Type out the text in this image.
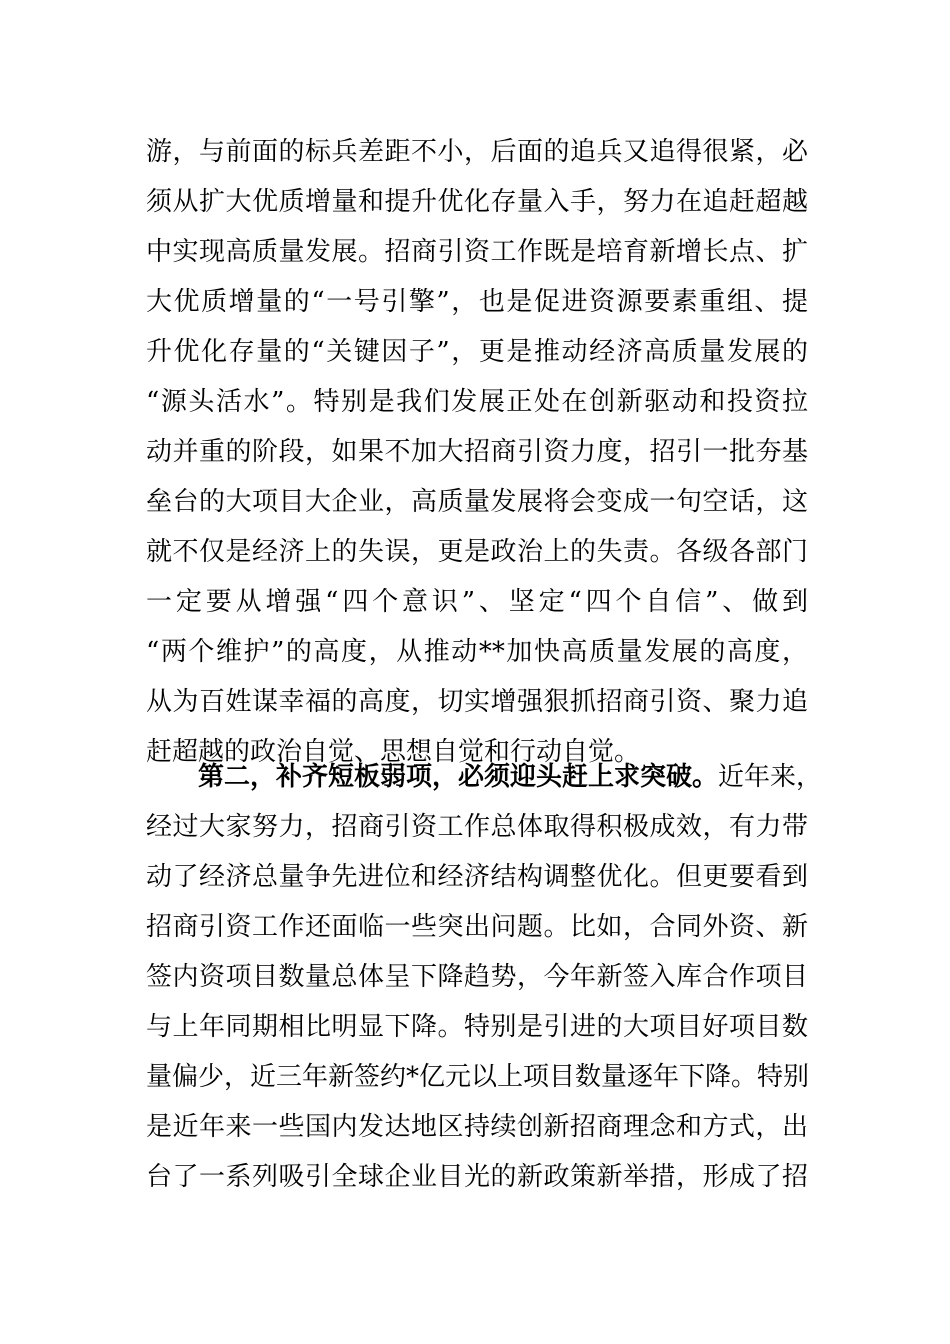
游，与前面的标兵差距不小，后面的追兵又追得很紧，必
须从扩大优质增量和提升优化存量入手，努力在追赶超越
中实现高质量发展。招商引资工作既是培育新增长点、扩
大优质增量的“一号引擎”，也是促进资源要素重组、提
升优化存量的“关键因子”，更是推动经济高质量发展的
“源头活水”。特别是我们发展正处在创新驱动和投资拉
动并重的阶段，如果不加大招商引资力度，招引一批夯基
垒台的大项目大企业，高质量发展将会变成一句空话，这
就不仅是经济上的失误，更是政治上的失责。各级各部门
一定要从增强“四个意识”、坚定“四个自信”、做到
“两个维护”的高度，从推动**加快高质量发展的高度，
从为百姓谋幸福的高度，切实增强狠抓招商引资、聚力追
赶超越的政治自觉、思想自觉和行动自觉。
第二，补齐短板弱项，必须迎头赶上求突破。近年来，
经过大家努力，招商引资工作总体取得积极成效，有力带
动了经济总量争先进位和经济结构调整优化。但更要看到
招商引资工作还面临一些突出问题。比如，合同外资、新
签内资项目数量总体呈下降趋势，今年新签入库合作项目
与上年同期相比明显下降。特别是引进的大项目好项目数
量偏少，近三年新签约*亿元以上项目数量逐年下降。特别
是近年来一些国内发达地区持续创新招商理念和方式，出
台了一系列吸引全球企业目光的新政策新举措，形成了招
